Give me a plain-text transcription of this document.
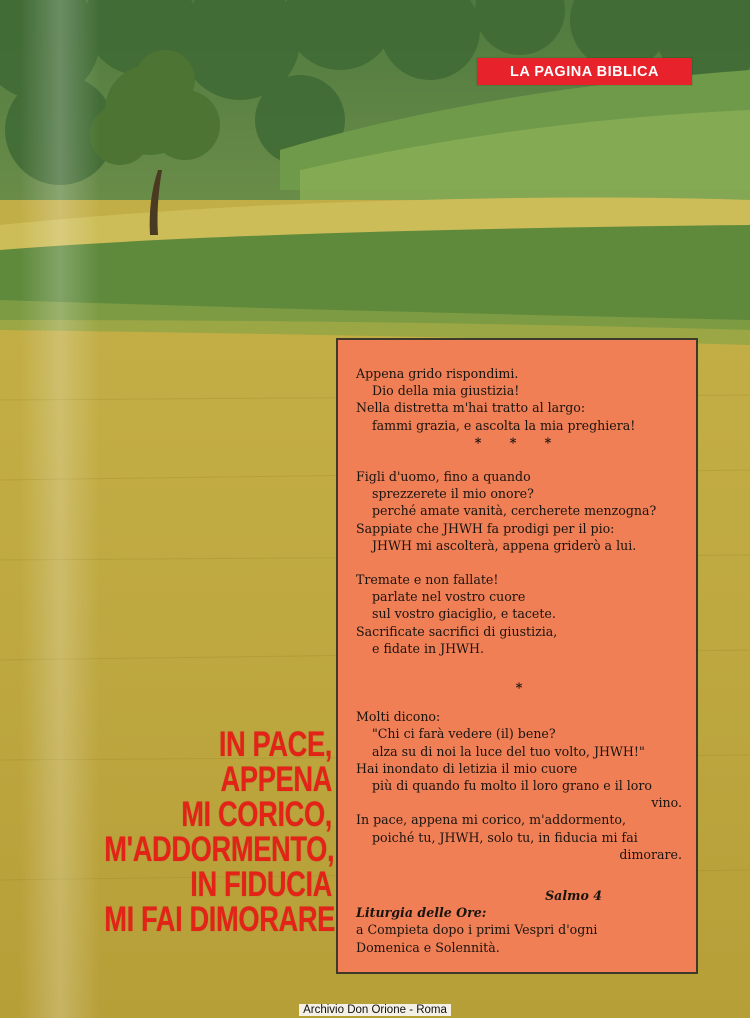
LA PAGINA BIBLICA

Appena grido rispondimi.

Dio della mia giustizia!

Nella distretta m'hai tratto al largo:

fammi grazia, e ascolta la mia preghiera!

* * *

Figli d'uomo, fino a quando

sprezzerete il mio onore?

perché amate vanità, cercherete menzogna?

Sappiate che JHWH fa prodigi per il pio:

JHWH mi ascolterà, appena griderò a lui.

Tremate e non fallate!

parlate nel vostro cuore

sul vostro giaciglio, e tacete.

Sacrificate sacrifici di giustizia,

e fidate in JHWH.

*

Molti dicono:

"Chi ci farà vedere (il) bene?

alza su di noi la luce del tuo volto, JHWH!"

Hai inondato di letizia il mio cuore

più di quando fu molto il loro grano e il loro

vino.

In pace, appena mi corico, m'addormento,

poiché tu, JHWH, solo tu, in fiducia mi fai

dimorare.

Salmo 4

Liturgia delle Ore:

a Compieta dopo i primi Vespri d'ogni

Domenica e Solennità.

IN PACE,
APPENA
MI CORICO,
M'ADDORMENTO,
IN FIDUCIA
MI FAI DIMORARE
Archivio Don Orione - Roma
